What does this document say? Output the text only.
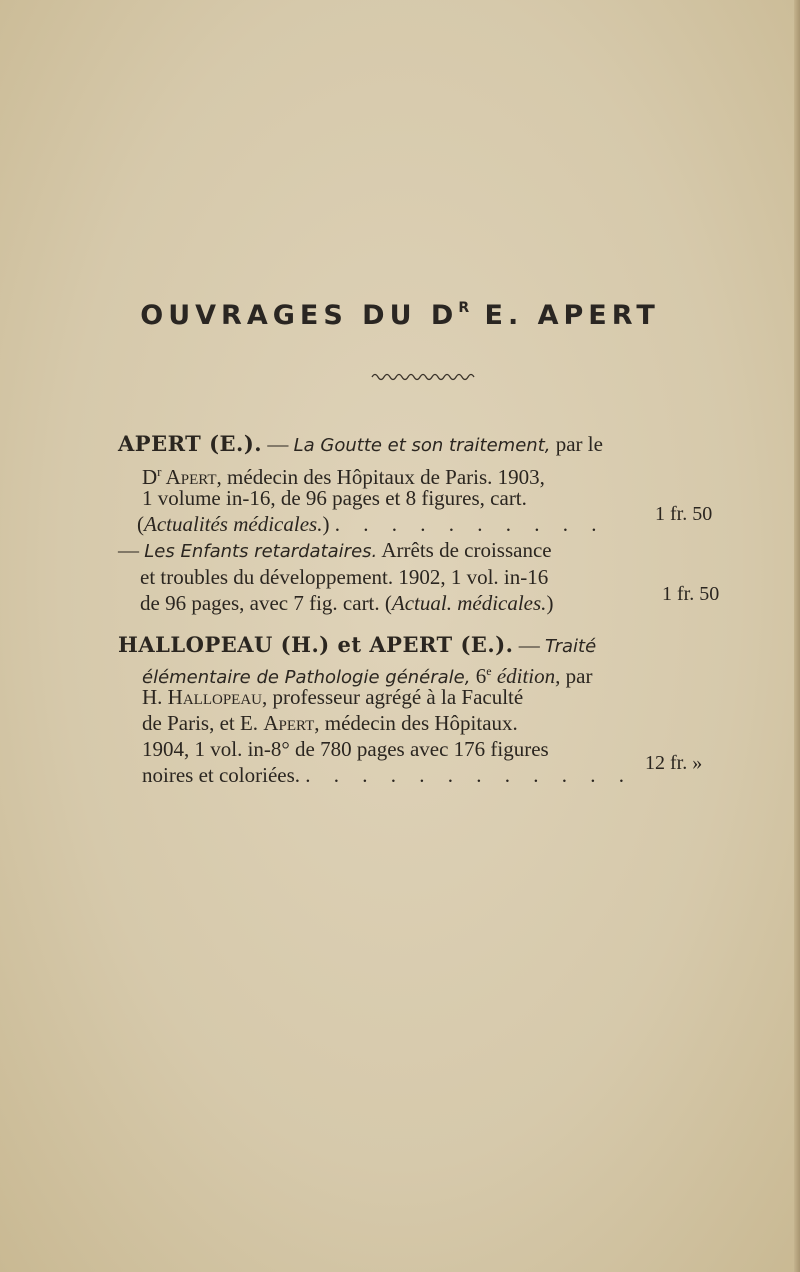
OUVRAGES DU $D^R$ E. APERT
APERT (E.). — La Goutte et son traitement, par le
$D^r$ Apert, médecin des Hôpitaux de Paris. 1903,
1 volume in-16, de 96 pages et 8 figures, cart.
(Actualités médicales.) . . . . . . . . . . 1 fr. 50
— Les Enfants retardataires. Arrêts de croissance
et troubles du développement. 1902, 1 vol. in-16
de 96 pages, avec 7 fig. cart. (Actual. médicales.)	1 fr. 50
HALLOPEAU (H.) et APERT (E.). — Traité
élémentaire de Pathologie générale, 6e édition, par
H. Hallopeau, professeur agrégé à la Faculté
de Paris, et E. Apert, médecin des Hôpitaux.
1904, 1 vol. in-8° de 780 pages avec 176 figures
noires et coloriées. . . . . . . . . . . . . 12 fr. »
